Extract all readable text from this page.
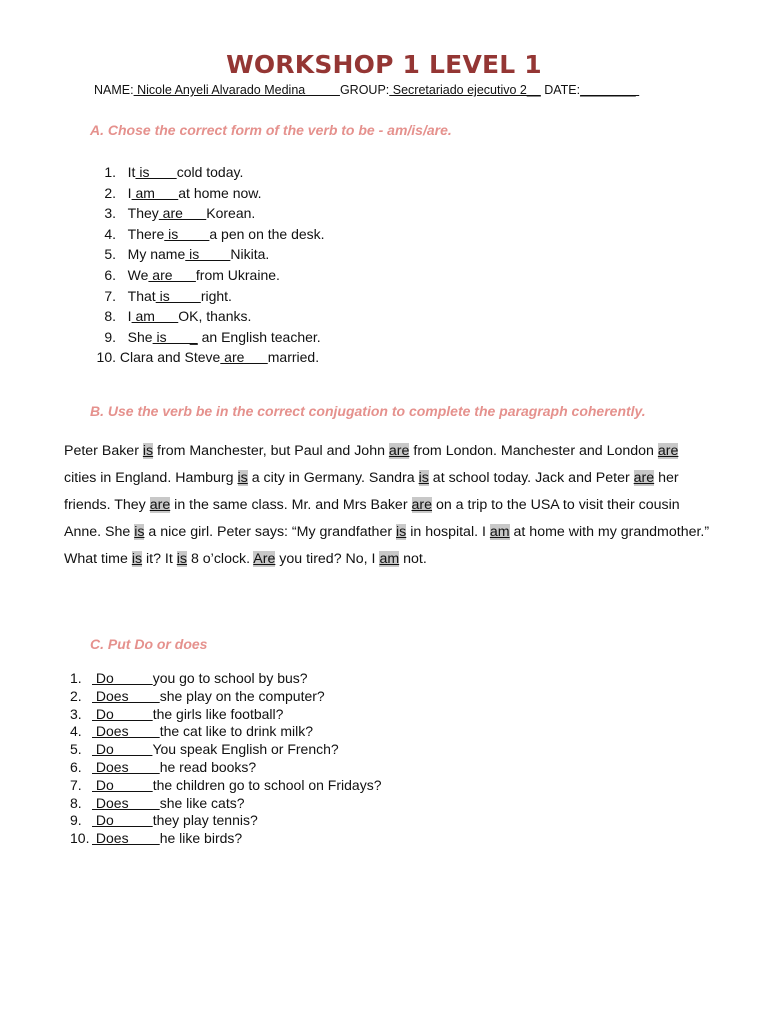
WORKSHOP 1 LEVEL 1
NAME: Nicole Anyeli Alvarado Medina          GROUP: Secretariado ejecutivo 2__ DATE:________
A. Chose the correct form of the verb to be - am/is/are.
1. It is       cold today.
2. I am      at home now.
3. They are      Korean.
4. There is        a pen on the desk.
5. My name is        Nikita.
6. We are      from Ukraine.
7. That is        right.
8. I am      OK, thanks.
9. She is      _ an English teacher.
10. Clara and Steve are      married.
B. Use the verb be in the correct conjugation to complete the paragraph coherently.
Peter Baker is from Manchester, but Paul and John are from London. Manchester and London are cities in England. Hamburg is a city in Germany. Sandra is at school today. Jack and Peter are her friends. They are in the same class. Mr. and Mrs Baker are on a trip to the USA to visit their cousin Anne. She is a nice girl. Peter says: “My grandfather is in hospital. I am at home with my grandmother.” What time is it? It is 8 o’clock. Are you tired? No, I am not.
C. Put Do or does
1. Do          you go to school by bus?
2. Does        she play on the computer?
3. Do          the girls like football?
4. Does        the cat like to drink milk?
5. Do          You speak English or French?
6. Does        he read books?
7. Do          the children go to school on Fridays?
8. Does        she like cats?
9. Do          they play tennis?
10. Does        he like birds?
